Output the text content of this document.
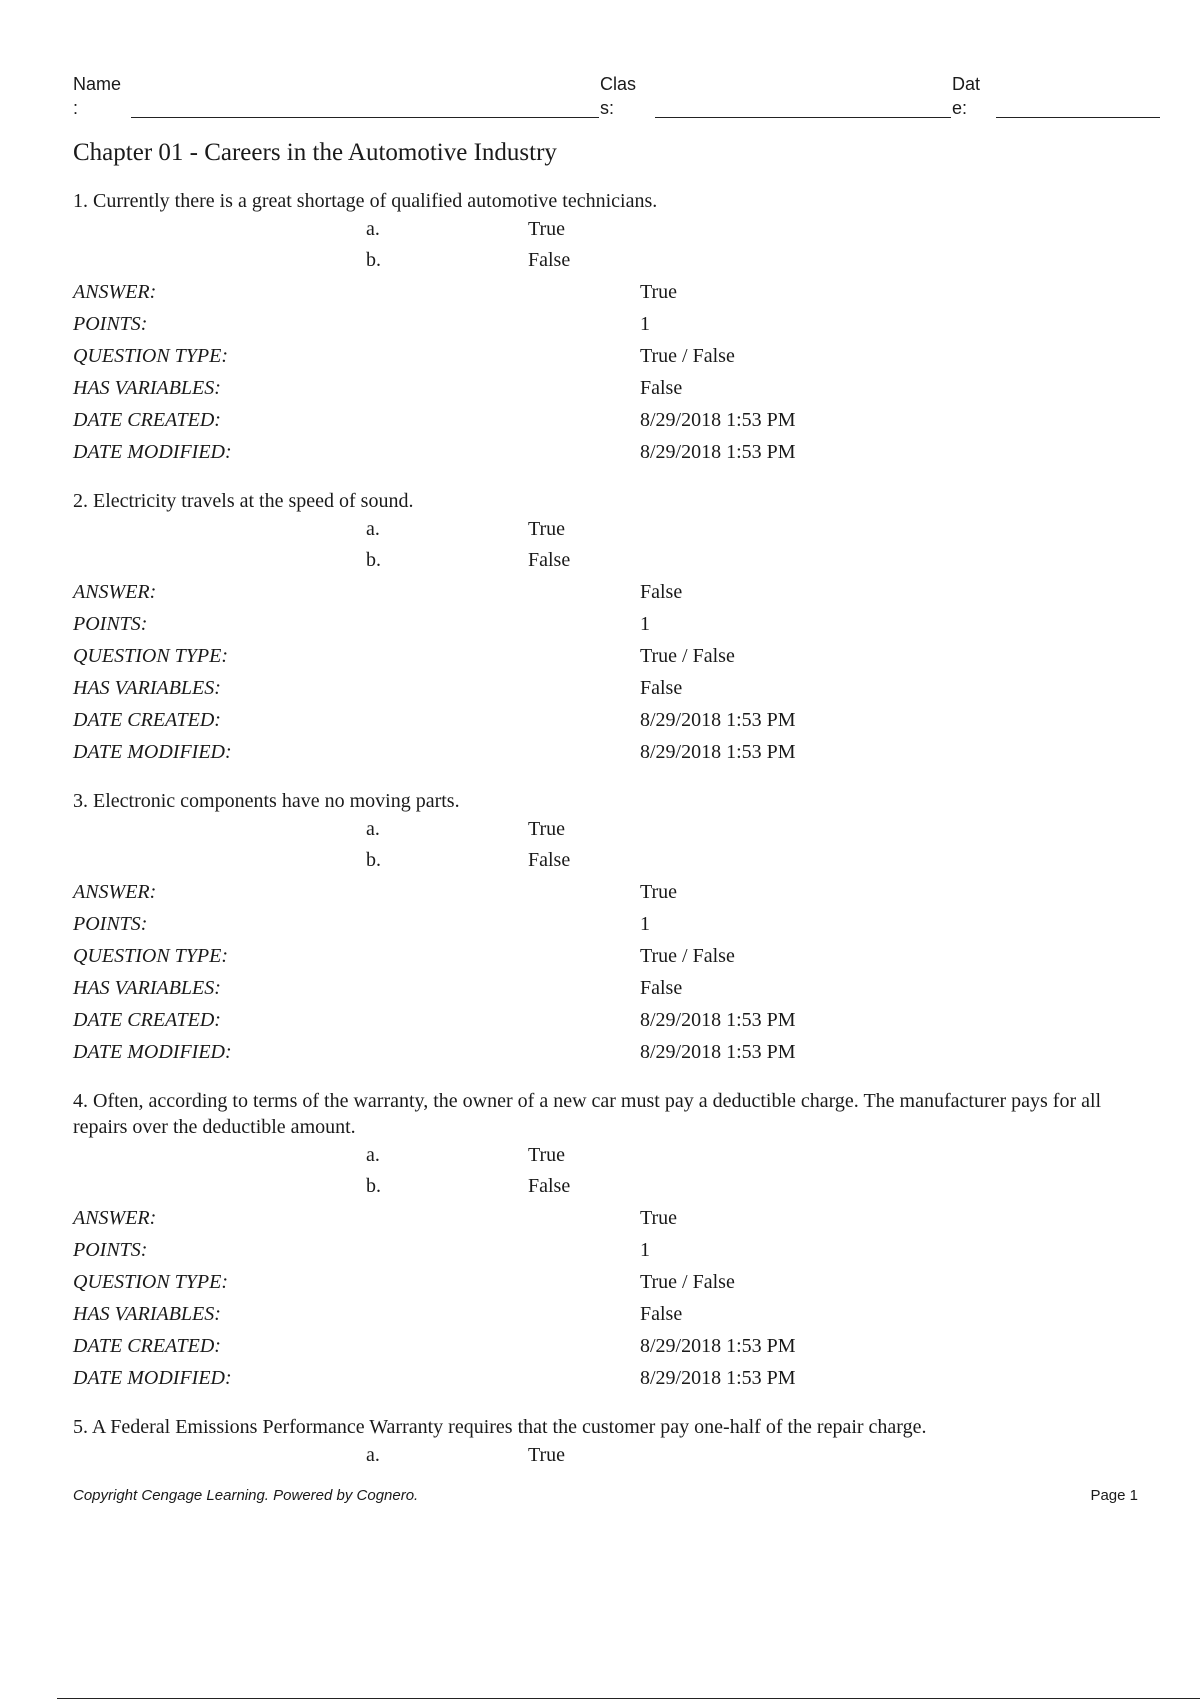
Name
:
Clas
s:
Dat
e:
Chapter 01 - Careers in the Automotive Industry

1. Currently there is a great shortage of qualified automotive technicians.

a.	True
b.	False
ANSWER:	True
POINTS:	1
QUESTION TYPE:	True / False
HAS VARIABLES:	False
DATE CREATED:	8/29/2018 1:53 PM
DATE MODIFIED:	8/29/2018 1:53 PM

2. Electricity travels at the speed of sound.

a.	True
b.	False
ANSWER:	False
POINTS:	1
QUESTION TYPE:	True / False
HAS VARIABLES:	False
DATE CREATED:	8/29/2018 1:53 PM
DATE MODIFIED:	8/29/2018 1:53 PM

3. Electronic components have no moving parts.

a.	True
b.	False
ANSWER:	True
POINTS:	1
QUESTION TYPE:	True / False
HAS VARIABLES:	False
DATE CREATED:	8/29/2018 1:53 PM
DATE MODIFIED:	8/29/2018 1:53 PM

4. Often, according to terms of the warranty, the owner of a new car must pay a deductible charge. The manufacturer pays for all repairs over the deductible amount.

a.	True
b.	False
ANSWER:	True
POINTS:	1
QUESTION TYPE:	True / False
HAS VARIABLES:	False
DATE CREATED:	8/29/2018 1:53 PM
DATE MODIFIED:	8/29/2018 1:53 PM

5. A Federal Emissions Performance Warranty requires that the customer pay one-half of the repair charge.

a.	True
Copyright Cengage Learning. Powered by Cognero.	Page 1
